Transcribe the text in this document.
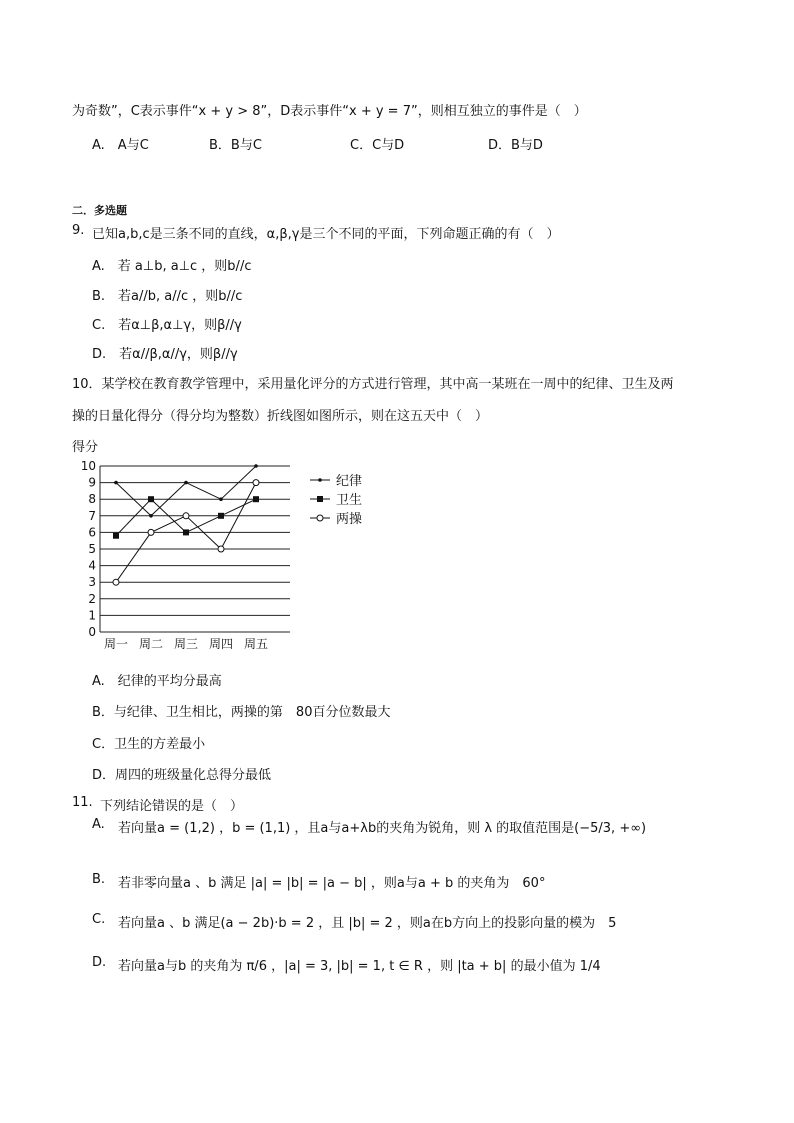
为奇数”，C表示事件“x + y > 8”，D表示事件“x + y = 7”，则相互独立的事件是（　）
A.　A与C	B．B与C	C．C与D	D．B与D
二．多选题
9. 已知a,b,c是三条不同的直线，α,β,γ是三个不同的平面，下列命题正确的有（　）
A.　若 a⊥b, a⊥c ，则b//c
B.　若a//b, a//c ，则b//c
C.　若α⊥β,α⊥γ，则β//γ
D.　若α//β,α//γ，则β//γ
10．某学校在教育教学管理中，采用量化评分的方式进行管理，其中高一某班在一周中的纪律、卫生及两
操的日量化得分（得分均为整数）折线图如图所示，则在这五天中（　）
得分
0
1
2
3
4
5
6
7
8
9
10
周一 周二 周三 周四 周五
纪律
卫生
两操
A.　纪律的平均分最高
B．与纪律、卫生相比，两操的第　80百分位数最大
C．卫生的方差最小
D．周四的班级量化总得分最低
11. 下列结论错误的是（　）
A. 若向量a = (1,2) ，b = (1,1) ，且a与a+λb的夹角为锐角，则 λ 的取值范围是(−5/3, +∞)
B. 若非零向量a 、b 满足 |a| = |b| = |a − b| ，则a与a + b 的夹角为　60°
C. 若向量a 、b 满足(a − 2b)·b = 2 ，且 |b| = 2 ，则a在b方向上的投影向量的模为　5
D. 若向量a与b 的夹角为 π/6 ，|a| = 3, |b| = 1, t ∈ R ，则 |ta + b| 的最小值为 1/4
